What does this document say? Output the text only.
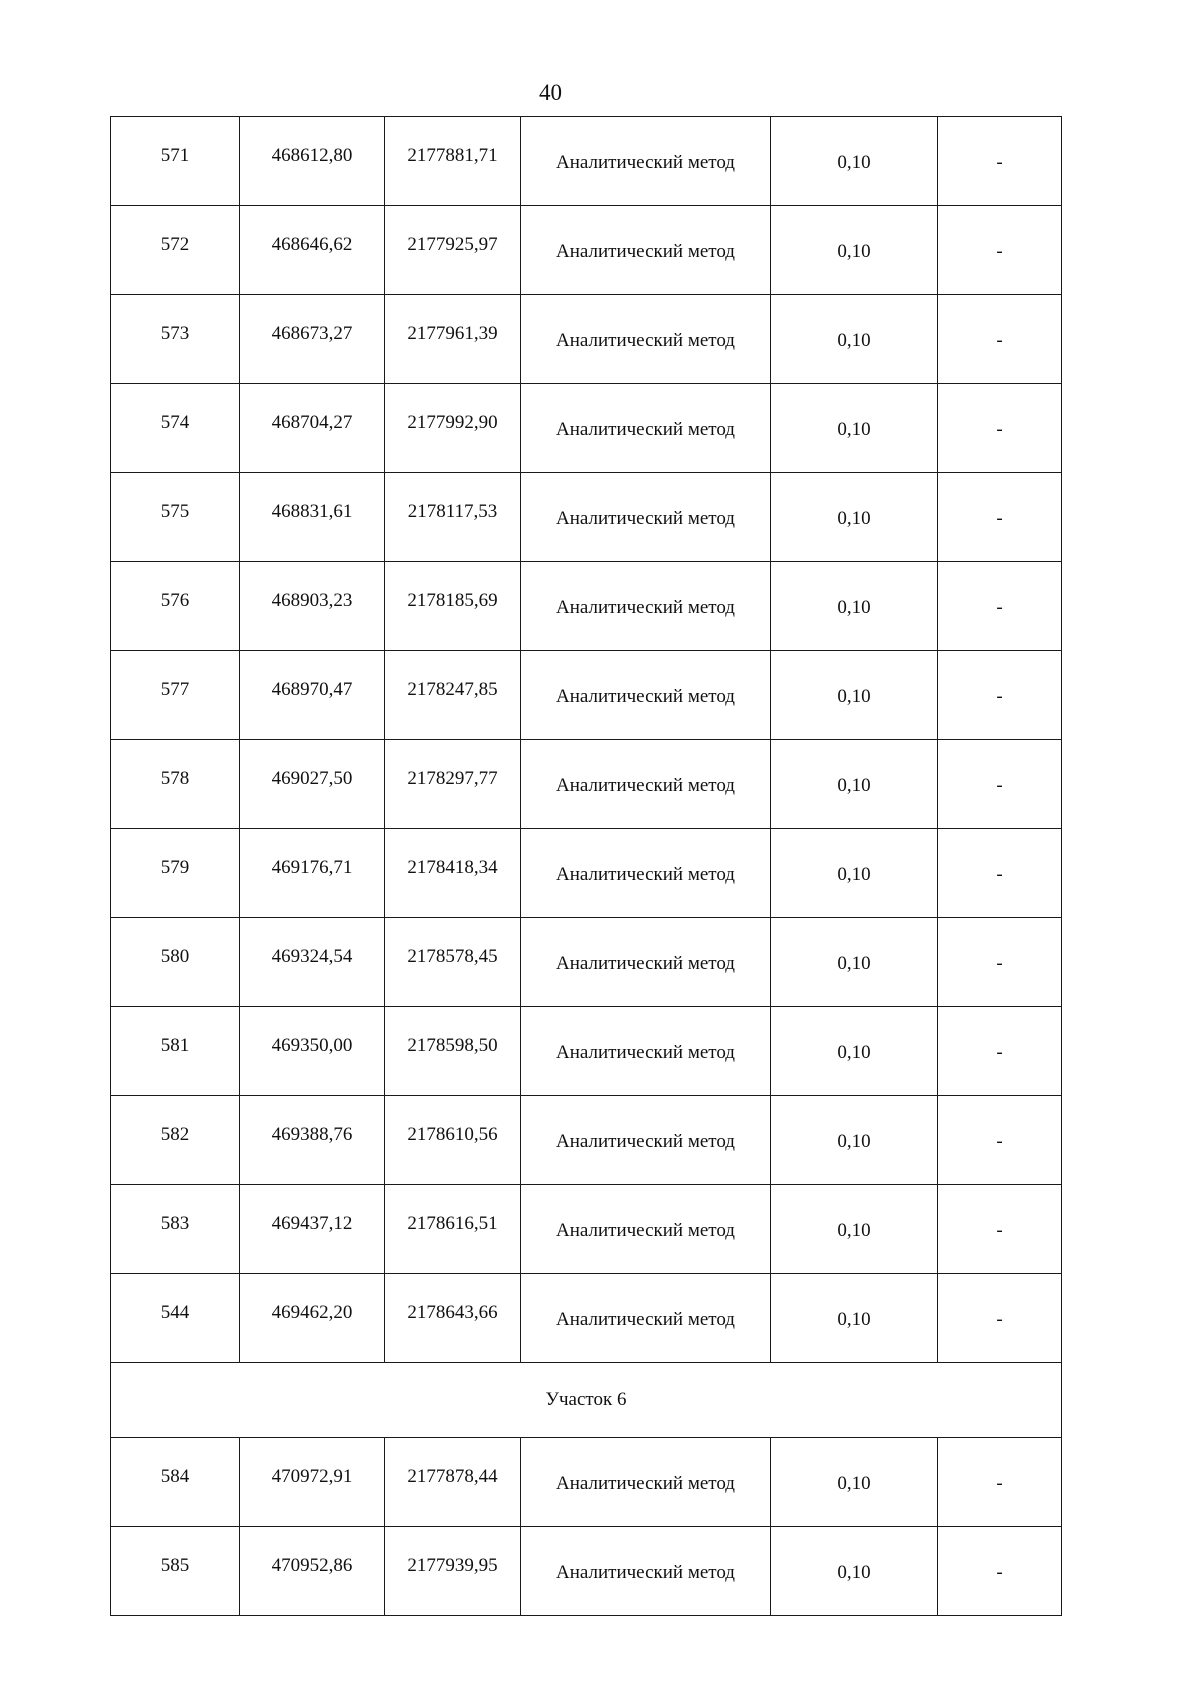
40
571	468612,80	2177881,71	Аналитический метод	0,10	-
572	468646,62	2177925,97	Аналитический метод	0,10	-
573	468673,27	2177961,39	Аналитический метод	0,10	-
574	468704,27	2177992,90	Аналитический метод	0,10	-
575	468831,61	2178117,53	Аналитический метод	0,10	-
576	468903,23	2178185,69	Аналитический метод	0,10	-
577	468970,47	2178247,85	Аналитический метод	0,10	-
578	469027,50	2178297,77	Аналитический метод	0,10	-
579	469176,71	2178418,34	Аналитический метод	0,10	-
580	469324,54	2178578,45	Аналитический метод	0,10	-
581	469350,00	2178598,50	Аналитический метод	0,10	-
582	469388,76	2178610,56	Аналитический метод	0,10	-
583	469437,12	2178616,51	Аналитический метод	0,10	-
544	469462,20	2178643,66	Аналитический метод	0,10	-
Участок 6					
584	470972,91	2177878,44	Аналитический метод	0,10	-
585	470952,86	2177939,95	Аналитический метод	0,10	-
